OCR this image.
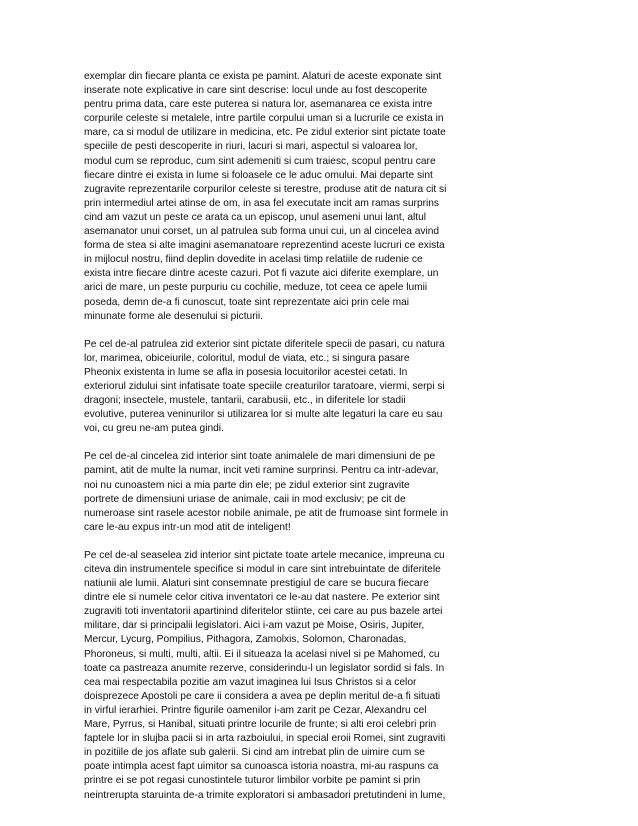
exemplar din fiecare planta ce exista pe pamint. Alaturi de aceste exponate sint
inserate note explicative in care sint descrise: locul unde au fost descoperite
pentru prima data, care este puterea si natura lor, asemanarea ce exista intre
corpurile celeste si metalele, intre partile corpului uman si a lucrurile ce exista in
mare, ca si modul de utilizare in medicina, etc. Pe zidul exterior sint pictate toate
speciile de pesti descoperite in riuri, lacuri si mari, aspectul si valoarea lor,
modul cum se reproduc, cum sint ademeniti si cum traiesc, scopul pentru care
fiecare dintre ei exista in lume si foloasele ce le aduc omului. Mai departe sint
zugravite reprezentarile corpurilor celeste si terestre, produse atit de natura cit si
prin intermediul artei atinse de om, in asa fel executate incit am ramas surprins
cind am vazut un peste ce arata ca un episcop, unul asemeni unui lant, altul
asemanator unui corset, un al patrulea sub forma unui cui, un al cincelea avind
forma de stea si alte imagini asemanatoare reprezentind aceste lucruri ce exista
in mijlocul nostru, fiind deplin dovedite in acelasi timp relatiile de rudenie ce
exista intre fiecare dintre aceste cazuri. Pot fi vazute aici diferite exemplare, un
arici de mare, un peste purpuriu cu cochilie, meduze, tot ceea ce apele lumii
poseda, demn de-a fi cunoscut, toate sint reprezentate aici prin cele mai
minunate forme ale desenului si picturii.

Pe cel de-al patrulea zid exterior sint pictate diferitele specii de pasari, cu natura
lor, marimea, obiceiurile, coloritul, modul de viata, etc.; si singura pasare
Pheonix existenta in lume se afla in posesia locuitorilor acestei cetati. In
exteriorul zidului sint infatisate toate speciile creaturilor taratoare, viermi, serpi si
dragoni; insectele, mustele, tantarii, carabusii, etc., in diferitele lor stadii
evolutive, puterea veninurilor si utilizarea lor si multe alte legaturi la care eu sau
voi, cu greu ne-am putea gindi.

Pe cel de-al cincelea zid interior sint toate animalele de mari dimensiuni de pe
pamint, atit de multe la numar, incit veti ramine surprinsi. Pentru ca intr-adevar,
noi nu cunoastem nici a mia parte din ele; pe zidul exterior sint zugravite
portrete de dimensiuni uriase de animale, caii in mod exclusiv; pe cit de
numeroase sint rasele acestor nobile animale, pe atit de frumoase sint formele in
care le-au expus intr-un mod atit de inteligent!

Pe cel de-al seaselea zid interior sint pictate toate artele mecanice, impreuna cu
citeva din instrumentele specifice si modul in care sint intrebuintate de diferitele
natiunii ale lumii. Alaturi sint consemnate prestigiul de care se bucura fiecare
dintre ele si numele celor citiva inventatori ce le-au dat nastere. Pe exterior sint
zugraviti toti inventatorii apartinind diferitelor stiinte, cei care au pus bazele artei
militare, dar si principalii legislatori. Aici i-am vazut pe Moise, Osiris, Jupiter,
Mercur, Lycurg, Pompilius, Pithagora, Zamolxis, Solomon, Charonadas,
Phoroneus, si multi, multi, altii. Ei il situeaza la acelasi nivel si pe Mahomed, cu
toate ca pastreaza anumite rezerve, considerindu-l un legislator sordid si fals. In
cea mai respectabila pozitie am vazut imaginea lui Isus Christos si a celor
doisprezece Apostoli pe care ii considera a avea pe deplin meritul de-a fi situati
in virful ierarhiei. Printre figurile oamenilor i-am zarit pe Cezar, Alexandru cel
Mare, Pyrrus, si Hanibal, situati printre locurile de frunte; si alti eroi celebri prin
faptele lor in slujba pacii si in arta razboiului, in special eroii Romei, sint zugraviti
in pozitiile de jos aflate sub galerii. Si cind am intrebat plin de uimire cum se
poate intimpla acest fapt uimitor sa cunoasca istoria noastra, mi-au raspuns ca
printre ei se pot regasi cunostintele tuturor limbilor vorbite pe pamint si prin
neintrerupta staruinta de-a trimite exploratori si ambasadori pretutindeni in lume,
